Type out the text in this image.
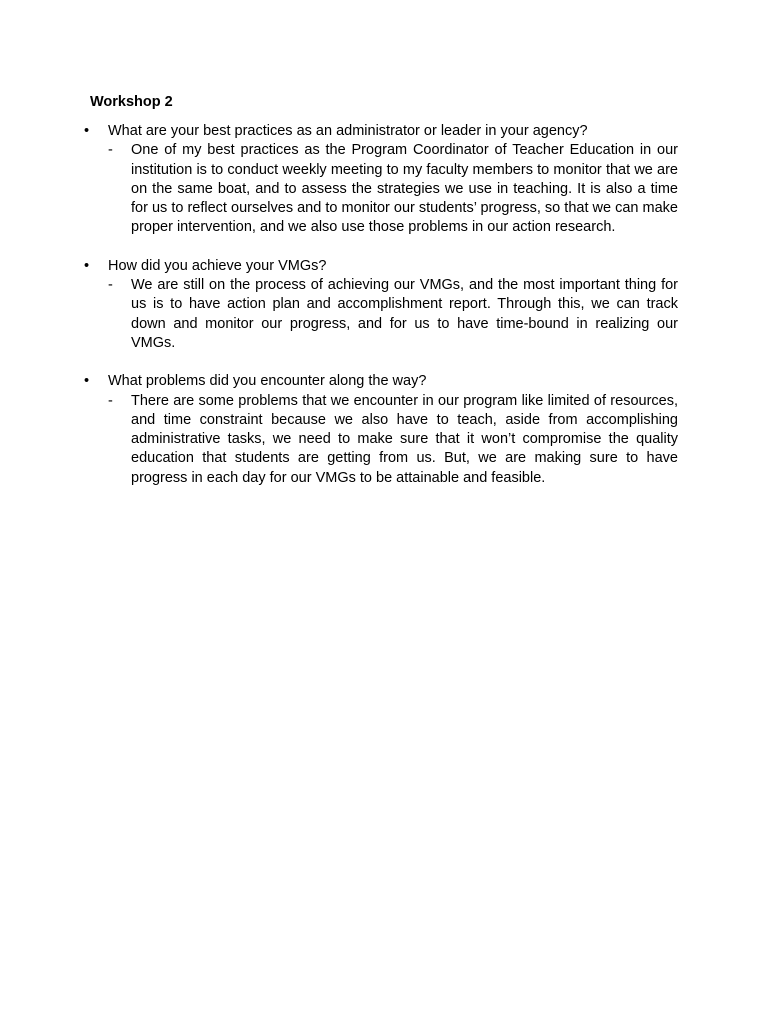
Workshop 2
• What are your best practices as an administrator or leader in your agency?
- One of my best practices as the Program Coordinator of Teacher Education in our institution is to conduct weekly meeting to my faculty members to monitor that we are on the same boat, and to assess the strategies we use in teaching. It is also a time for us to reflect ourselves and to monitor our students’ progress, so that we can make proper intervention, and we also use those problems in our action research.
• How did you achieve your VMGs?
- We are still on the process of achieving our VMGs, and the most important thing for us is to have action plan and accomplishment report. Through this, we can track down and monitor our progress, and for us to have time-bound in realizing our VMGs.
• What problems did you encounter along the way?
- There are some problems that we encounter in our program like limited of resources, and time constraint because we also have to teach, aside from accomplishing administrative tasks, we need to make sure that it won’t compromise the quality education that students are getting from us. But, we are making sure to have progress in each day for our VMGs to be attainable and feasible.
